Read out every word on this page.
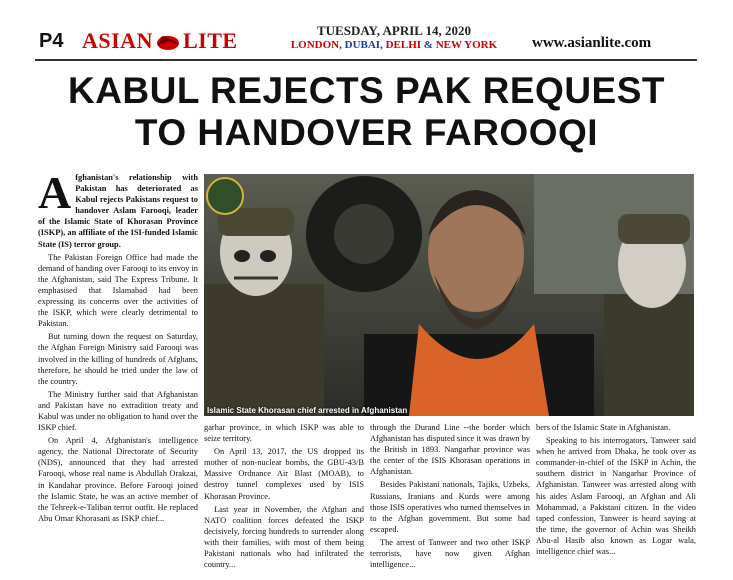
P4 ASIAN LITE	TUESDAY, APRIL 14, 2020
LONDON, DUBAI, DELHI & NEW YORK	www.asianlite.com
KABUL REJECTS PAK REQUEST
TO HANDOVER FAROOQI

Afghanistan's relationship with Pakistan has deteriorated as Kabul rejects Pakistans request to handover Aslam Farooqi, leader of the Islamic State of Khorasan Province (ISKP), an affiliate of the ISI-funded Islamic State (IS) terror group.

The Pakistan Foreign Office had made the demand of handing over Farooqi to its envoy in the Afghanistan, said The Express Tribune. It emphasised that Islamabad had been expressing its concerns over the activities of the ISKP, which were clearly detrimental to Pakistan.

But turning down the request on Saturday, the Afghan Foreign Ministry said Farooqi was involved in the killing of hundreds of Afghans, therefore, he should be tried under the law of the country.

The Ministry further said that Afghanistan and Pakistan have no extradition treaty and Kabul was under no obligation to hand over the ISKP chief.

On April 4, Afghanistan's intelligence agency, the National Directorate of Security (NDS), announced that they had arrested Farooqi, whose real name is Abdullah Orakzai, in Kandahar province. Before Farooqi joined the Islamic State, he was an active member of the Tehreek-e-Taliban terror outfit. He replaced Abu Omar Khorasani as ISKP chief...

Islamic State Khorasan chief arrested in Afghanistan

garhar province, in which ISKP was able to seize territory.

On April 13, 2017, the US dropped its mother of non-nuclear bombs, the GBU-43/B Massive Ordnance Air Blast (MOAB), to destroy tunnel complexes used by ISIS Khorasan Province.

Last year in November, the Afghan and NATO coalition forces defeated the ISKP decisively, forcing hundreds to surrender along with their families, with most of them being Pakistani nationals who had infiltrated the country...

through the Durand Line --the border which Afghanistan has disputed since it was drawn by the British in 1893. Nangarhar province was the center of the ISIS Khorasan operations in Afghanistan.

Besides Pakistani nationals, Tajiks, Uzbeks, Russians, Iranians and Kurds were among those ISIS operatives who turned themselves in to the Afghan government. But some had escaped.

The arrest of Tanweer and two other ISKP terrorists, have now given Afghan intelligence...

bers of the Islamic State in Afghanistan.

Speaking to his interrogators, Tanweer said when he arrived from Dhaka, he took over as commander-in-chief of the ISKP in Achin, the southern district in Nangarhar Province of Afghanistan. Tanweer was arrested along with his aides Aslam Farooqi, an Afghan and Ali Mohammad, a Pakistani citizen. In the video taped confession, Tanweer is heard saying at the time, the governor of Achin was Sheikh Abu-al Hasib also known as Logar wala, intelligence chief was...
